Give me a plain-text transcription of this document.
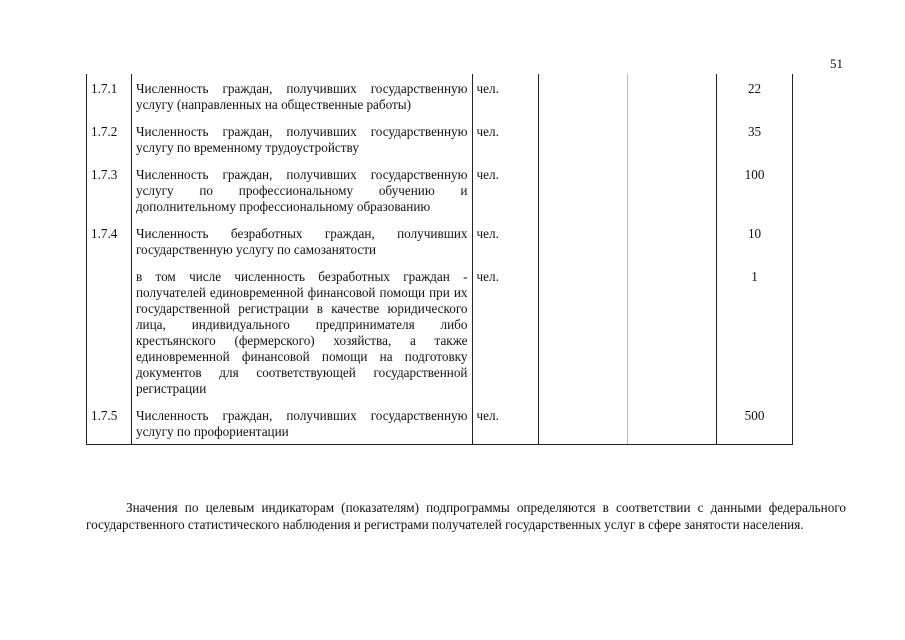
51
1.7.1	Численность граждан, получивших государственную услугу (направленных на общественные работы)	чел.			22
1.7.2	Численность граждан, получивших государственную услугу по временному трудоустройству	чел.			35
1.7.3	Численность граждан, получивших государственную услугу по профессиональному обучению и дополнительному профессиональному образованию	чел.			100
1.7.4	Численность безработных граждан, получивших государственную услугу по самозанятости	чел.			10
	в том числе численность безработных граждан - получателей единовременной финансовой помощи при их государственной регистрации в качестве юридического лица, индивидуального предпринимателя либо крестьянского (фермерского) хозяйства, а также единовременной финансовой помощи на подготовку документов для соответствующей государственной регистрации	чел.			1
1.7.5	Численность граждан, получивших государственную услугу по профориентации	чел.			500

Значения по целевым индикаторам (показателям) подпрограммы определяются в соответствии с данными федерального государственного статистического наблюдения и регистрами получателей государственных услуг в сфере занятости населения.
